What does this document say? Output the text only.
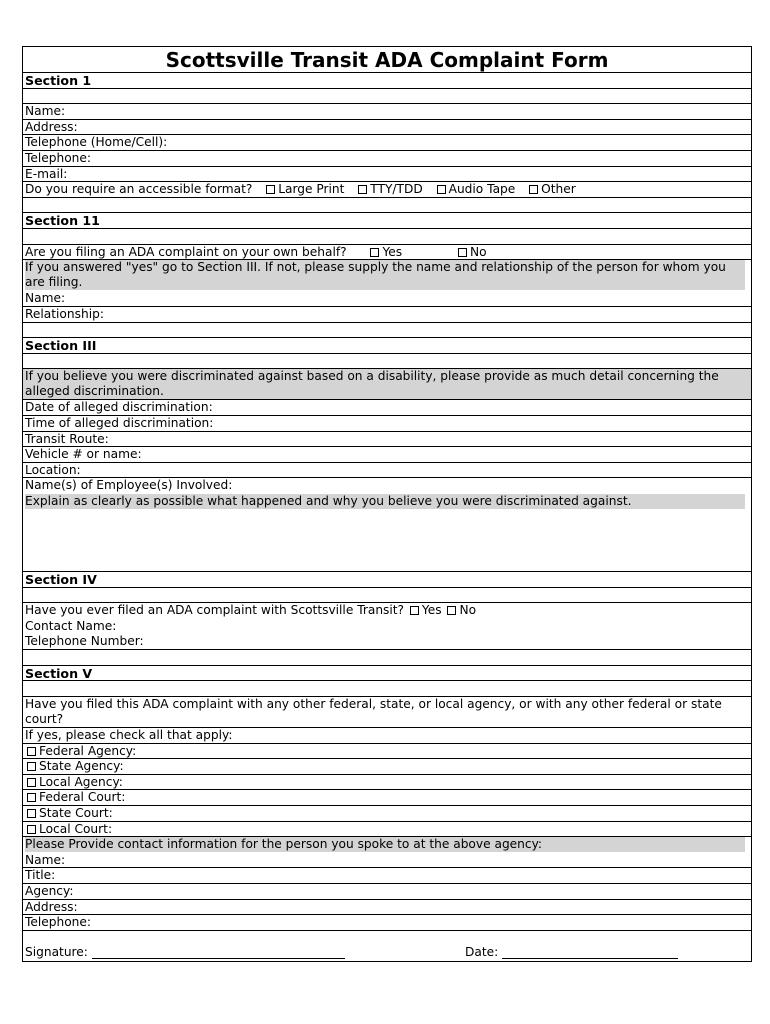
Scottsville Transit ADA Complaint Form
Section 1
Name:
Address:
Telephone (Home/Cell):
Telephone:
E-mail:
Do you require an accessible format? Large Print TTY/TDD Audio Tape Other
Section 11
Are you filing an ADA complaint on your own behalf?	Yes	No
If you answered "yes" go to Section III. If not, please supply the name and relationship of the person for whom you are filing.
Name:
Relationship:
Section III
If you believe you were discriminated against based on a disability, please provide as much detail concerning the alleged discrimination.
Date of alleged discrimination:
Time of alleged discrimination:
Transit Route:
Vehicle # or name:
Location:
Name(s) of Employee(s) Involved:
Explain as clearly as possible what happened and why you believe you were discriminated against.
Section IV
Have you ever filed an ADA complaint with Scottsville Transit? Yes No
Contact Name:
Telephone Number:
Section V
Have you filed this ADA complaint with any other federal, state, or local agency, or with any other federal or state court?
If yes, please check all that apply:
Federal Agency:
State Agency:
Local Agency:
Federal Court:
State Court:
Local Court:
Please Provide contact information for the person you spoke to at the above agency:
Name:
Title:
Agency:
Address:
Telephone:
Signature:	Date:
